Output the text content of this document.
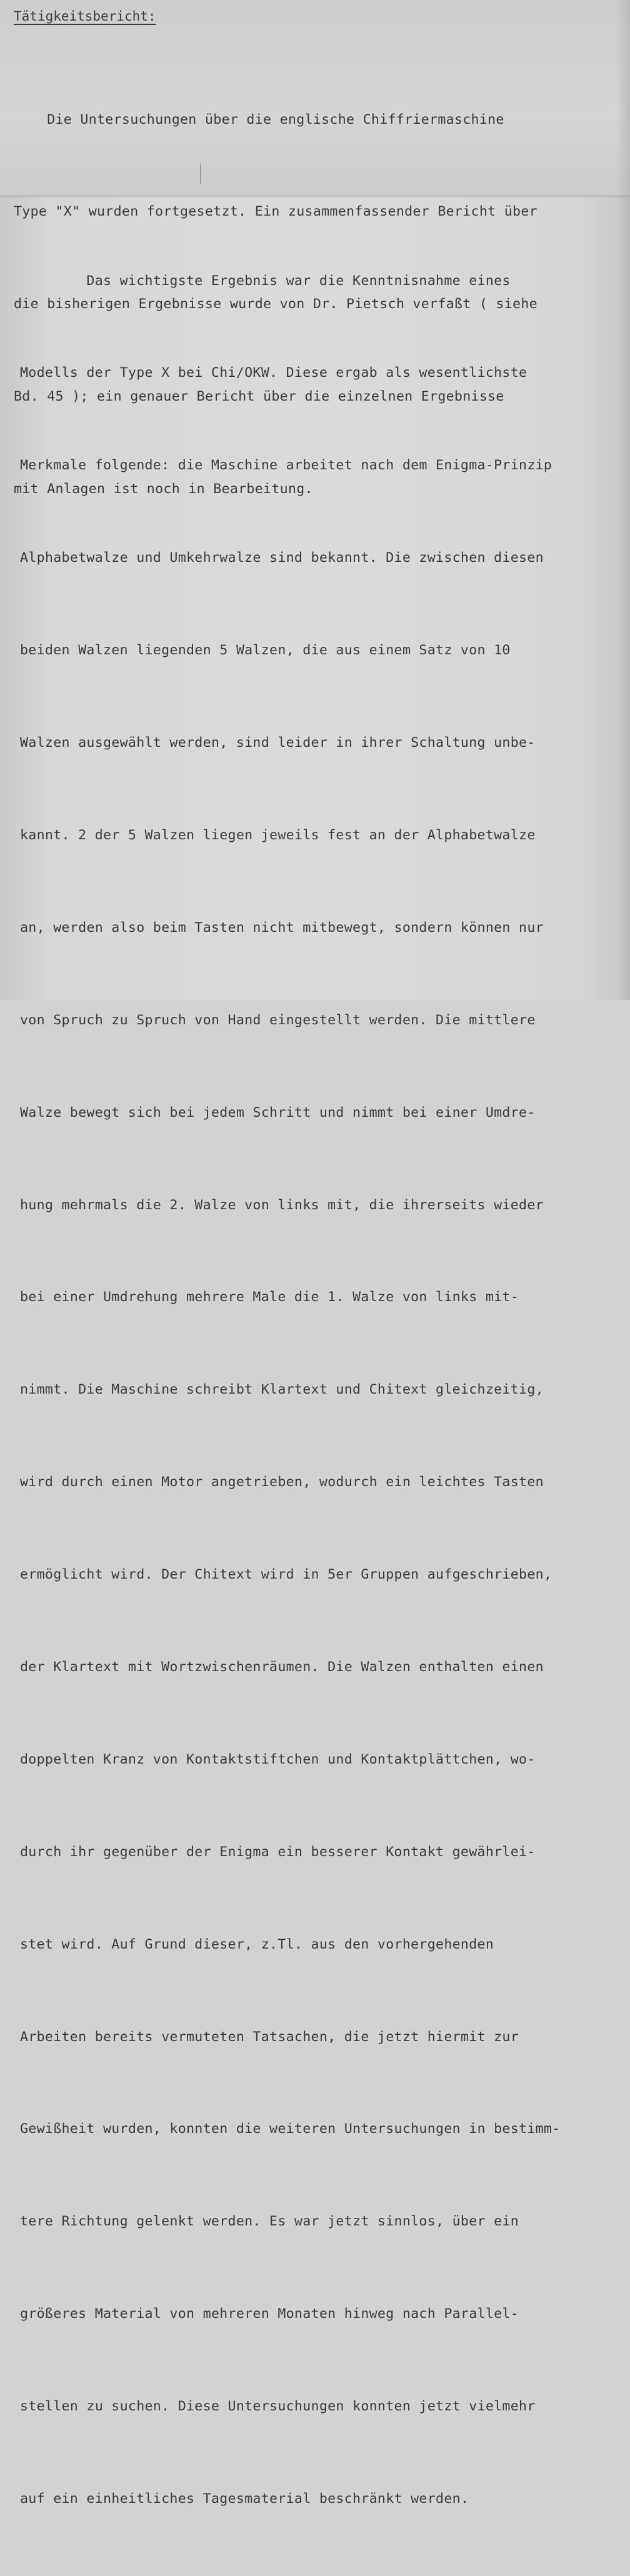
Tätigkeitsbericht:

Die Untersuchungen über die englische Chiffriermaschine

Type "X" wurden fortgesetzt. Ein zusammenfassender Bericht über

die bisherigen Ergebnisse wurde von Dr. Pietsch verfaßt ( siehe

Bd. 45 ); ein genauer Bericht über die einzelnen Ergebnisse

mit Anlagen ist noch in Bearbeitung.

Das wichtigste Ergebnis war die Kenntnisnahme eines

Modells der Type X bei Chi/OKW. Diese ergab als wesentlichste

Merkmale folgende: die Maschine arbeitet nach dem Enigma-Prinzip

Alphabetwalze und Umkehrwalze sind bekannt. Die zwischen diesen

beiden Walzen liegenden 5 Walzen, die aus einem Satz von 10

Walzen ausgewählt werden, sind leider in ihrer Schaltung unbe-

kannt. 2 der 5 Walzen liegen jeweils fest an der Alphabetwalze

an, werden also beim Tasten nicht mitbewegt, sondern können nur

von Spruch zu Spruch von Hand eingestellt werden. Die mittlere

Walze bewegt sich bei jedem Schritt und nimmt bei einer Umdre-

hung mehrmals die 2. Walze von links mit, die ihrerseits wieder

bei einer Umdrehung mehrere Male die 1. Walze von links mit-

nimmt. Die Maschine schreibt Klartext und Chitext gleichzeitig,

wird durch einen Motor angetrieben, wodurch ein leichtes Tasten

ermöglicht wird. Der Chitext wird in 5er Gruppen aufgeschrieben,

der Klartext mit Wortzwischenräumen. Die Walzen enthalten einen

doppelten Kranz von Kontaktstiftchen und Kontaktplättchen, wo-

durch ihr gegenüber der Enigma ein besserer Kontakt gewährlei-

stet wird. Auf Grund dieser, z.Tl. aus den vorhergehenden

Arbeiten bereits vermuteten Tatsachen, die jetzt hiermit zur

Gewißheit wurden, konnten die weiteren Untersuchungen in bestimm-

tere Richtung gelenkt werden. Es war jetzt sinnlos, über ein

größeres Material von mehreren Monaten hinweg nach Parallel-

stellen zu suchen. Diese Untersuchungen konnten jetzt vielmehr

auf ein einheitliches Tagesmaterial beschränkt werden.
